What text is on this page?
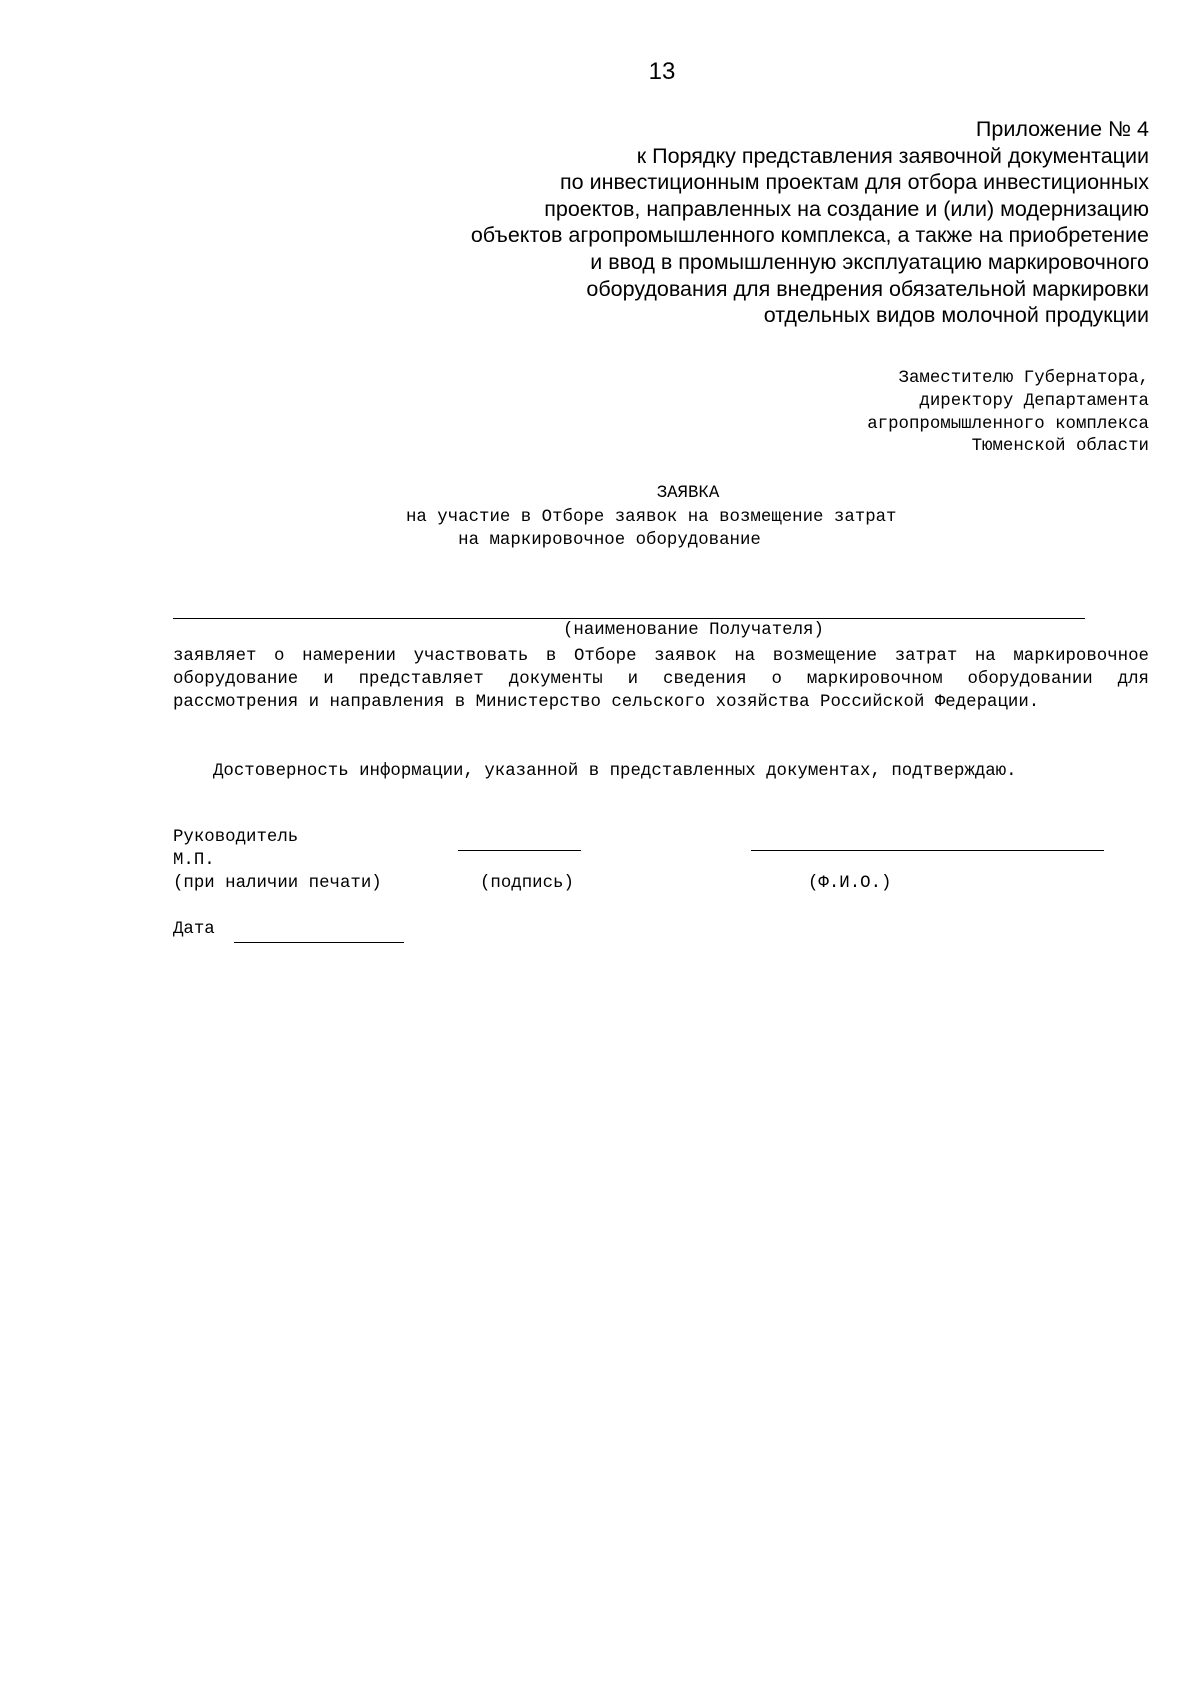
13
Приложение № 4
к Порядку представления заявочной документации
по инвестиционным проектам для отбора инвестиционных
проектов, направленных на создание и (или) модернизацию
объектов агропромышленного комплекса, а также на приобретение
и ввод в промышленную эксплуатацию маркировочного
оборудования для внедрения обязательной маркировки
отдельных видов молочной продукции
Заместителю Губернатора,
директору Департамента
агропромышленного комплекса
Тюменской области
ЗАЯВКА
на участие в Отборе заявок на возмещение затрат
на маркировочное оборудование
(наименование Получателя)
заявляет о намерении участвовать в Отборе заявок на возмещение затрат на маркировочное оборудование и представляет документы и сведения о маркировочном оборудовании для рассмотрения и направления в Министерство сельского хозяйства Российской Федерации.
Достоверность информации, указанной в представленных документах, подтверждаю.
Руководитель
М.П.
(при наличии печати)	(подпись)	(Ф.И.О.)
Дата
